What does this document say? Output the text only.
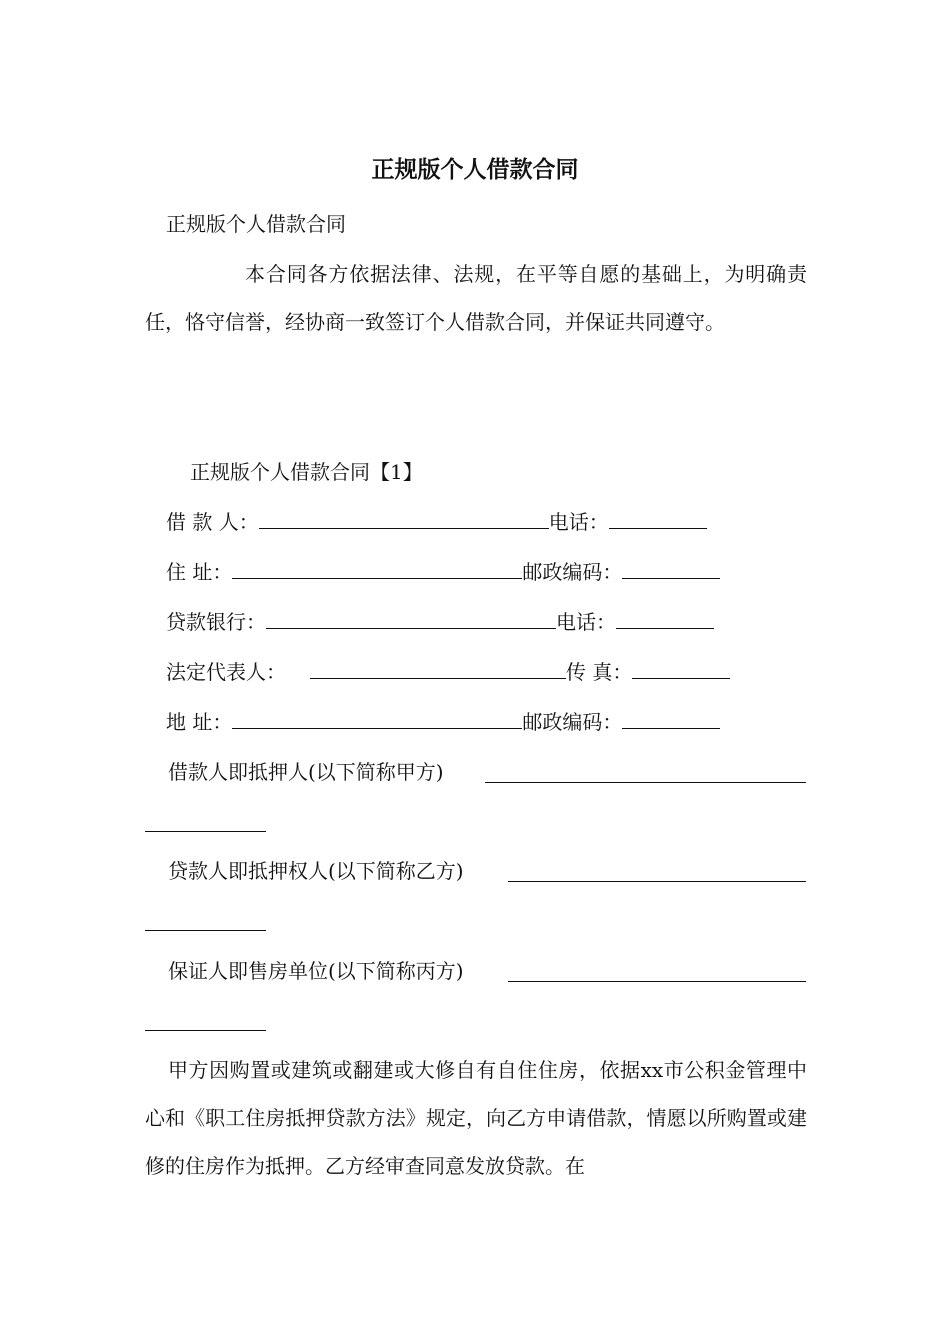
正规版个人借款合同
正规版个人借款合同
本合同各方依据法律、法规，在平等自愿的基础上，为明确责任，恪守信誉，经协商一致签订个人借款合同，并保证共同遵守。
正规版个人借款合同【1】
借 款 人：	电话：
住 址：	邮政编码：
贷款银行：	电话：
法定代表人：	传 真：
地 址：	邮政编码：
借款人即抵押人(以下简称甲方)
贷款人即抵押权人(以下简称乙方)
保证人即售房单位(以下简称丙方)
甲方因购置或建筑或翻建或大修自有自住住房，依据xx市公积金管理中心和《职工住房抵押贷款方法》规定，向乙方申请借款，情愿以所购置或建修的住房作为抵押。乙方经审查同意发放贷款。在
